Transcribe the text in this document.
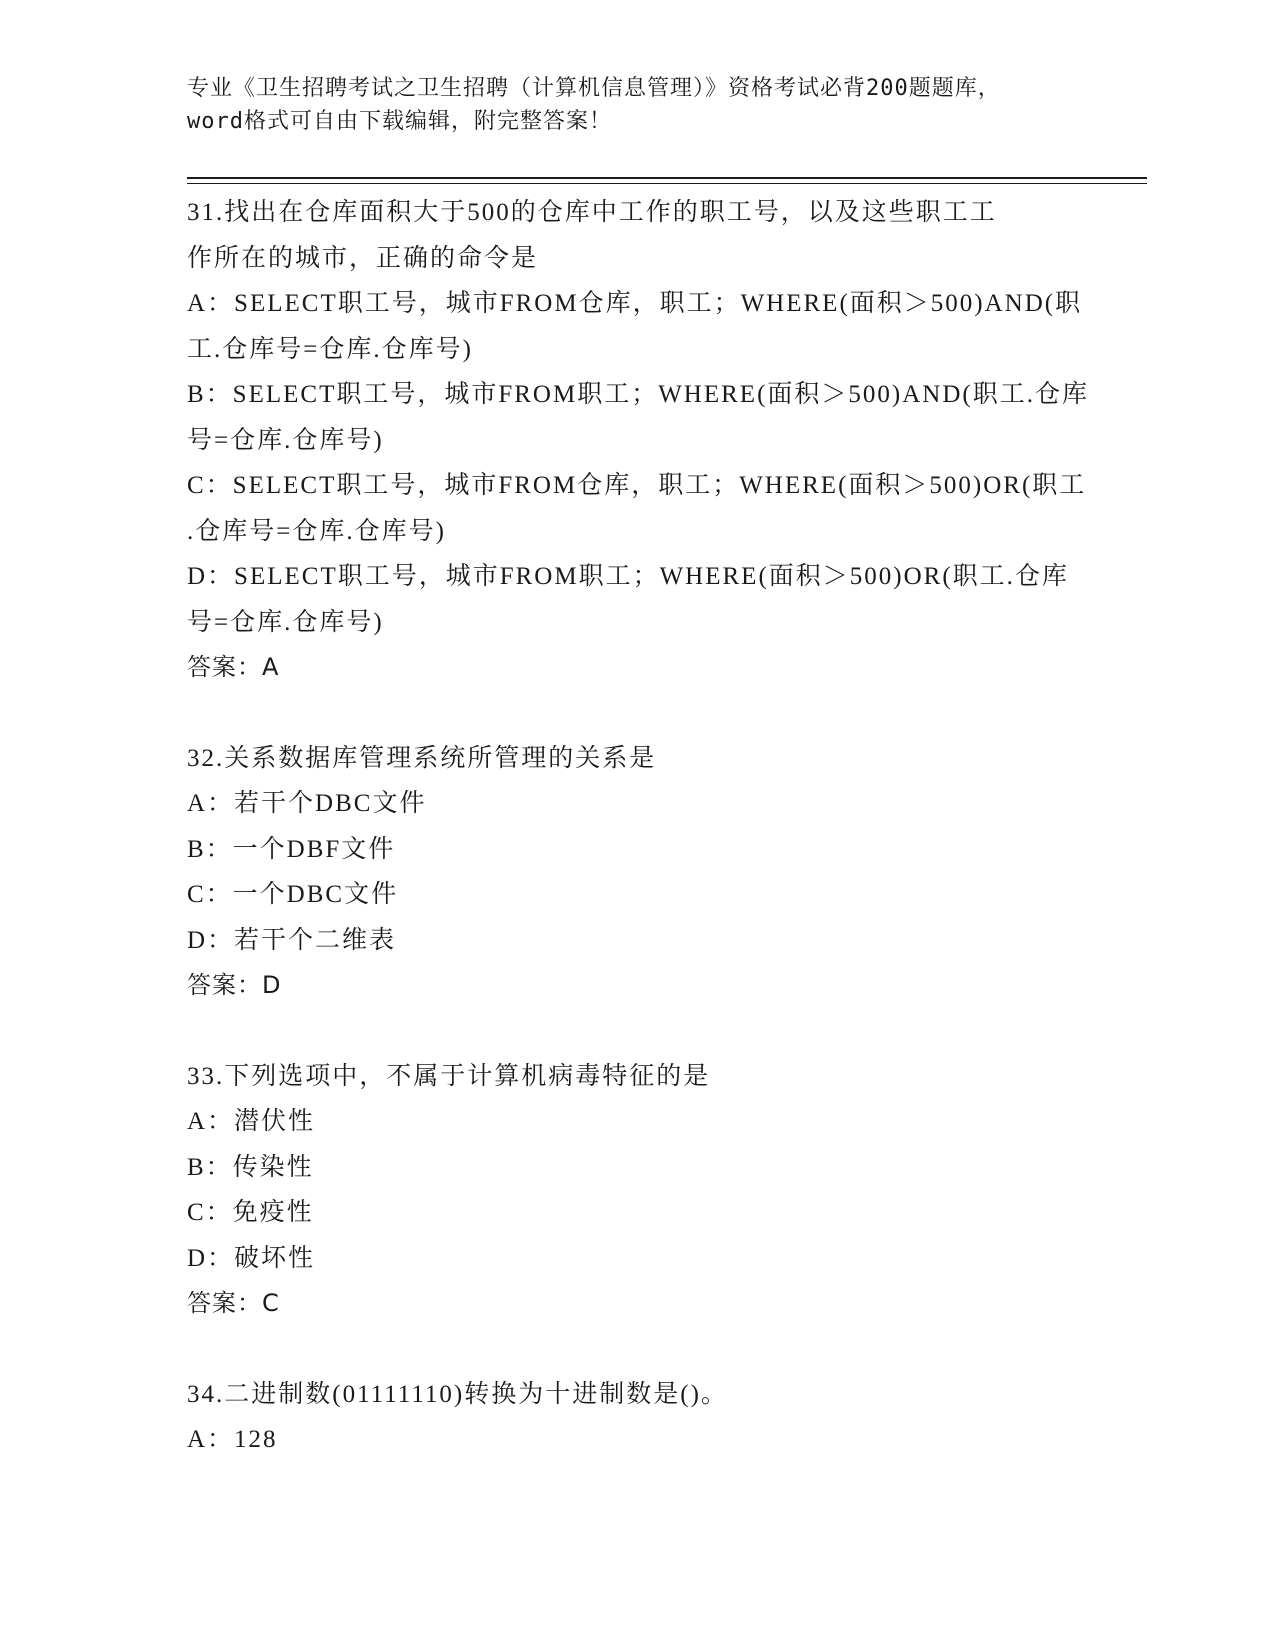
专业《卫生招聘考试之卫生招聘（计算机信息管理）》资格考试必背200题题库，
word格式可自由下载编辑，附完整答案！
31.找出在仓库面积大于500的仓库中工作的职工号，以及这些职工工
作所在的城市，正确的命令是
A：SELECT职工号，城市FROM仓库，职工；WHERE(面积＞500)AND(职
工.仓库号=仓库.仓库号)
B：SELECT职工号，城市FROM职工；WHERE(面积＞500)AND(职工.仓库
号=仓库.仓库号)
C：SELECT职工号，城市FROM仓库，职工；WHERE(面积＞500)OR(职工
.仓库号=仓库.仓库号)
D：SELECT职工号，城市FROM职工；WHERE(面积＞500)OR(职工.仓库
号=仓库.仓库号)
答案：A
32.关系数据库管理系统所管理的关系是
A：若干个DBC文件
B：一个DBF文件
C：一个DBC文件
D：若干个二维表
答案：D
33.下列选项中，不属于计算机病毒特征的是
A：潜伏性
B：传染性
C：免疫性
D：破坏性
答案：C
34.二进制数(01111110)转换为十进制数是()。
A：128
